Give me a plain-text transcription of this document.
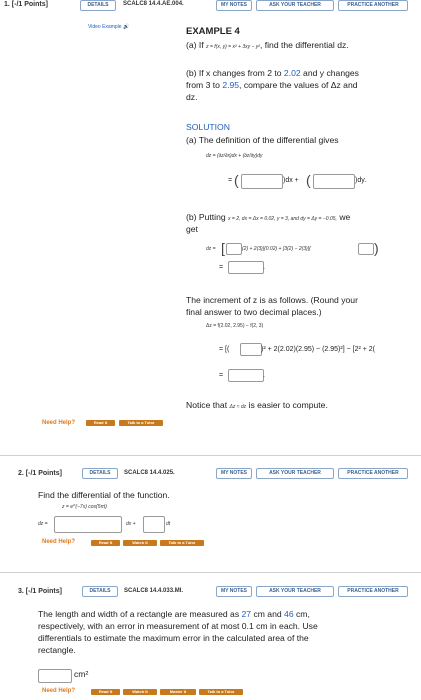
1. [-/1 Points]	DETAILS	SCALC8 14.4.AE.004.	MY NOTES	ASK YOUR TEACHER	PRACTICE ANOTHER
Video Example 🔊	EXAMPLE 4
(a) If z = f(x, y) = x² + 3xy − y², find the differential dz.
(b) If x changes from 2 to 2.02 and y changes
from 3 to 2.95, compare the values of Δz and
dz.
SOLUTION
(a) The definition of the differential gives
dz = (∂z/∂x)dx + (∂z/∂y)dy
= (	)dx + (	)dy.
(b) Putting x = 2, dx = Δx = 0.02, y = 3, and dy = Δy = −0.05, we
get
dz = [	(2) + 2(3)](0.02) + [3(2) − 2(3)](	)
=	.
The increment of z is as follows. (Round your
final answer to two decimal places.)
Δz = f(2.02, 2.95) − f(2, 3)
= [(	)² + 2(2.02)(2.95) − (2.95)²] − [2² + 2(
=	.
Notice that Δz ≈ dz is easier to compute.
Need Help?	Read It	Talk to a Tutor
2. [-/1 Points]	DETAILS	SCALC8 14.4.025.	MY NOTES	ASK YOUR TEACHER	PRACTICE ANOTHER
Find the differential of the function.
z = e^(−7x) cos(5πt)
dz =	dx +	dt
Need Help?	Read It	Watch It	Talk to a Tutor
3. [-/1 Points]	DETAILS	SCALC8 14.4.033.MI.	MY NOTES	ASK YOUR TEACHER	PRACTICE ANOTHER
The length and width of a rectangle are measured as 27 cm and 46 cm,
respectively, with an error in measurement of at most 0.1 cm in each. Use
differentials to estimate the maximum error in the calculated area of the
rectangle.
cm²
Need Help?	Read It	Watch It	Master It	Talk to a Tutor
